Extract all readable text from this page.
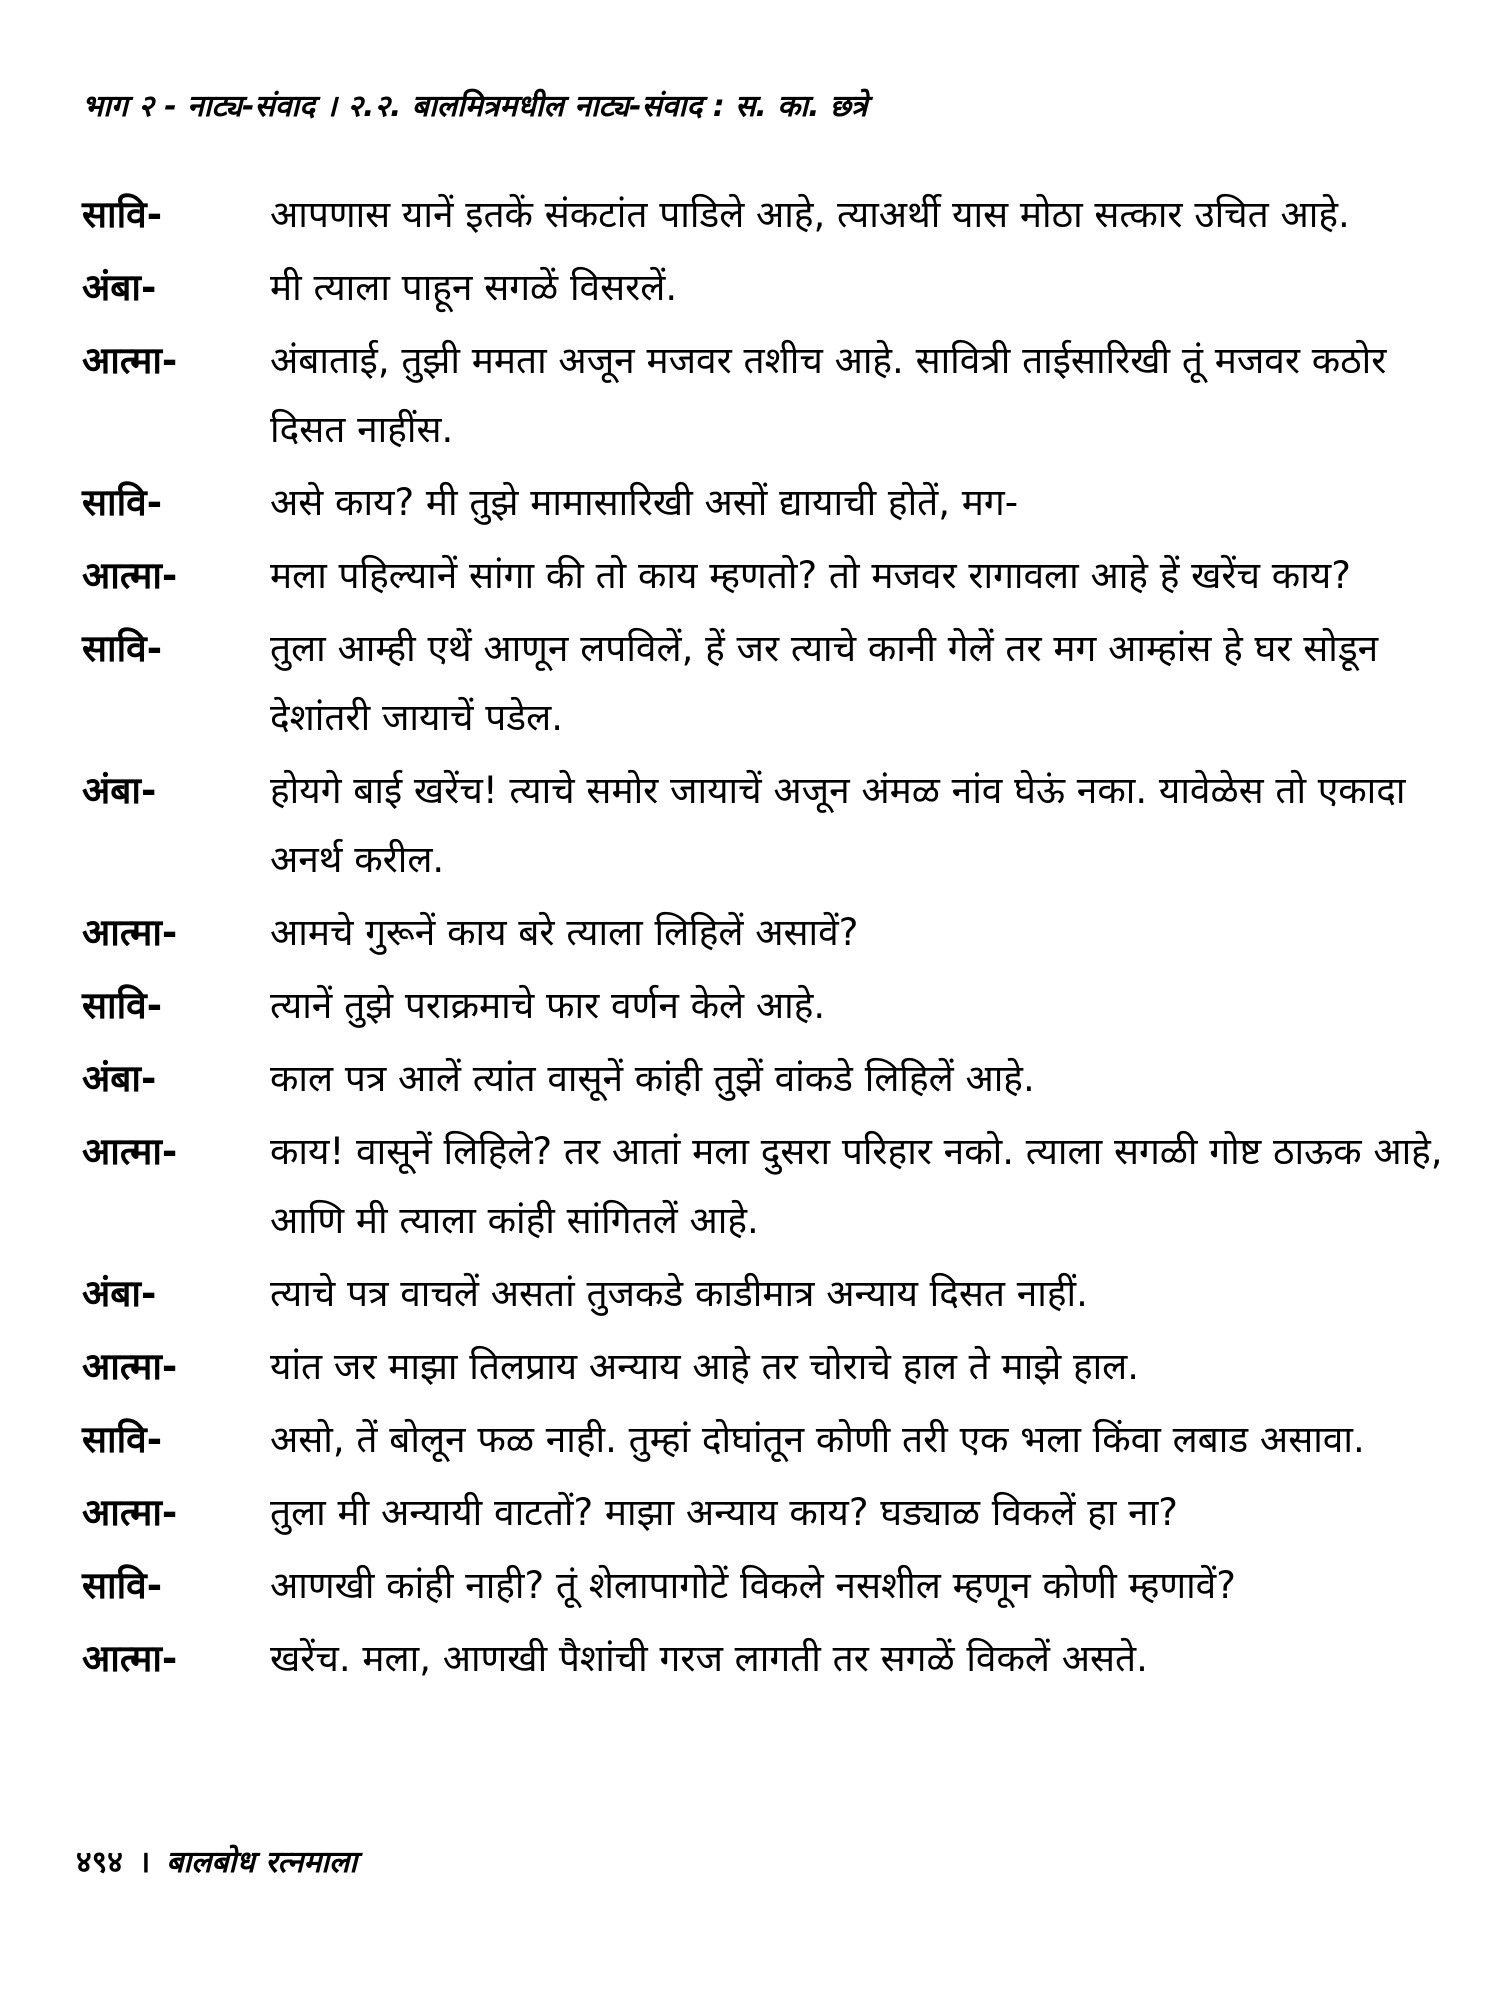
भाग २ - नाट्य-संवाद । २.२. बालमित्रमधील नाट्य-संवाद : स. का. छत्रे
सावि-	आपणास यानें इतकें संकटांत पाडिले आहे, त्याअर्थी यास मोठा सत्कार उचित आहे.
अंबा-	मी त्याला पाहून सगळें विसरलें.
आत्मा-	अंबाताई, तुझी ममता अजून मजवर तशीच आहे. सावित्री ताईसारिखी तूं मजवर कठोर दिसत नाहींस.
सावि-	असे काय? मी तुझे मामासारिखी असों द्यायाची होतें, मग-
आत्मा-	मला पहिल्यानें सांगा की तो काय म्हणतो? तो मजवर रागावला आहे हें खरेंच काय?
सावि-	तुला आम्ही एथें आणून लपविलें, हें जर त्याचे कानी गेलें तर मग आम्हांस हे घर सोडून देशांतरी जायाचें पडेल.
अंबा-	होयगे बाई खरेंच! त्याचे समोर जायाचें अजून अंमळ नांव घेऊं नका. यावेळेस तो एकादा अनर्थ करील.
आत्मा-	आमचे गुरूनें काय बरे त्याला लिहिलें असावें?
सावि-	त्यानें तुझे पराक्रमाचे फार वर्णन केले आहे.
अंबा-	काल पत्र आलें त्यांत वासूनें कांही तुझें वांकडे लिहिलें आहे.
आत्मा-	काय! वासूनें लिहिले? तर आतां मला दुसरा परिहार नको. त्याला सगळी गोष्ट ठाऊक आहे, आणि मी त्याला कांही सांगितलें आहे.
अंबा-	त्याचे पत्र वाचलें असतां तुजकडे काडीमात्र अन्याय दिसत नाहीं.
आत्मा-	यांत जर माझा तिलप्राय अन्याय आहे तर चोराचे हाल ते माझे हाल.
सावि-	असो, तें बोलून फळ नाही. तुम्हां दोघांतून कोणी तरी एक भला किंवा लबाड असावा.
आत्मा-	तुला मी अन्यायी वाटतों? माझा अन्याय काय? घड्याळ विकलें हा ना?
सावि-	आणखी कांही नाही? तूं शेलापागोटें विकले नसशील म्हणून कोणी म्हणावें?
आत्मा-	खरेंच. मला, आणखी पैशांची गरज लागती तर सगळें विकलें असते.
४९४ । बालबोध रत्नमाला
